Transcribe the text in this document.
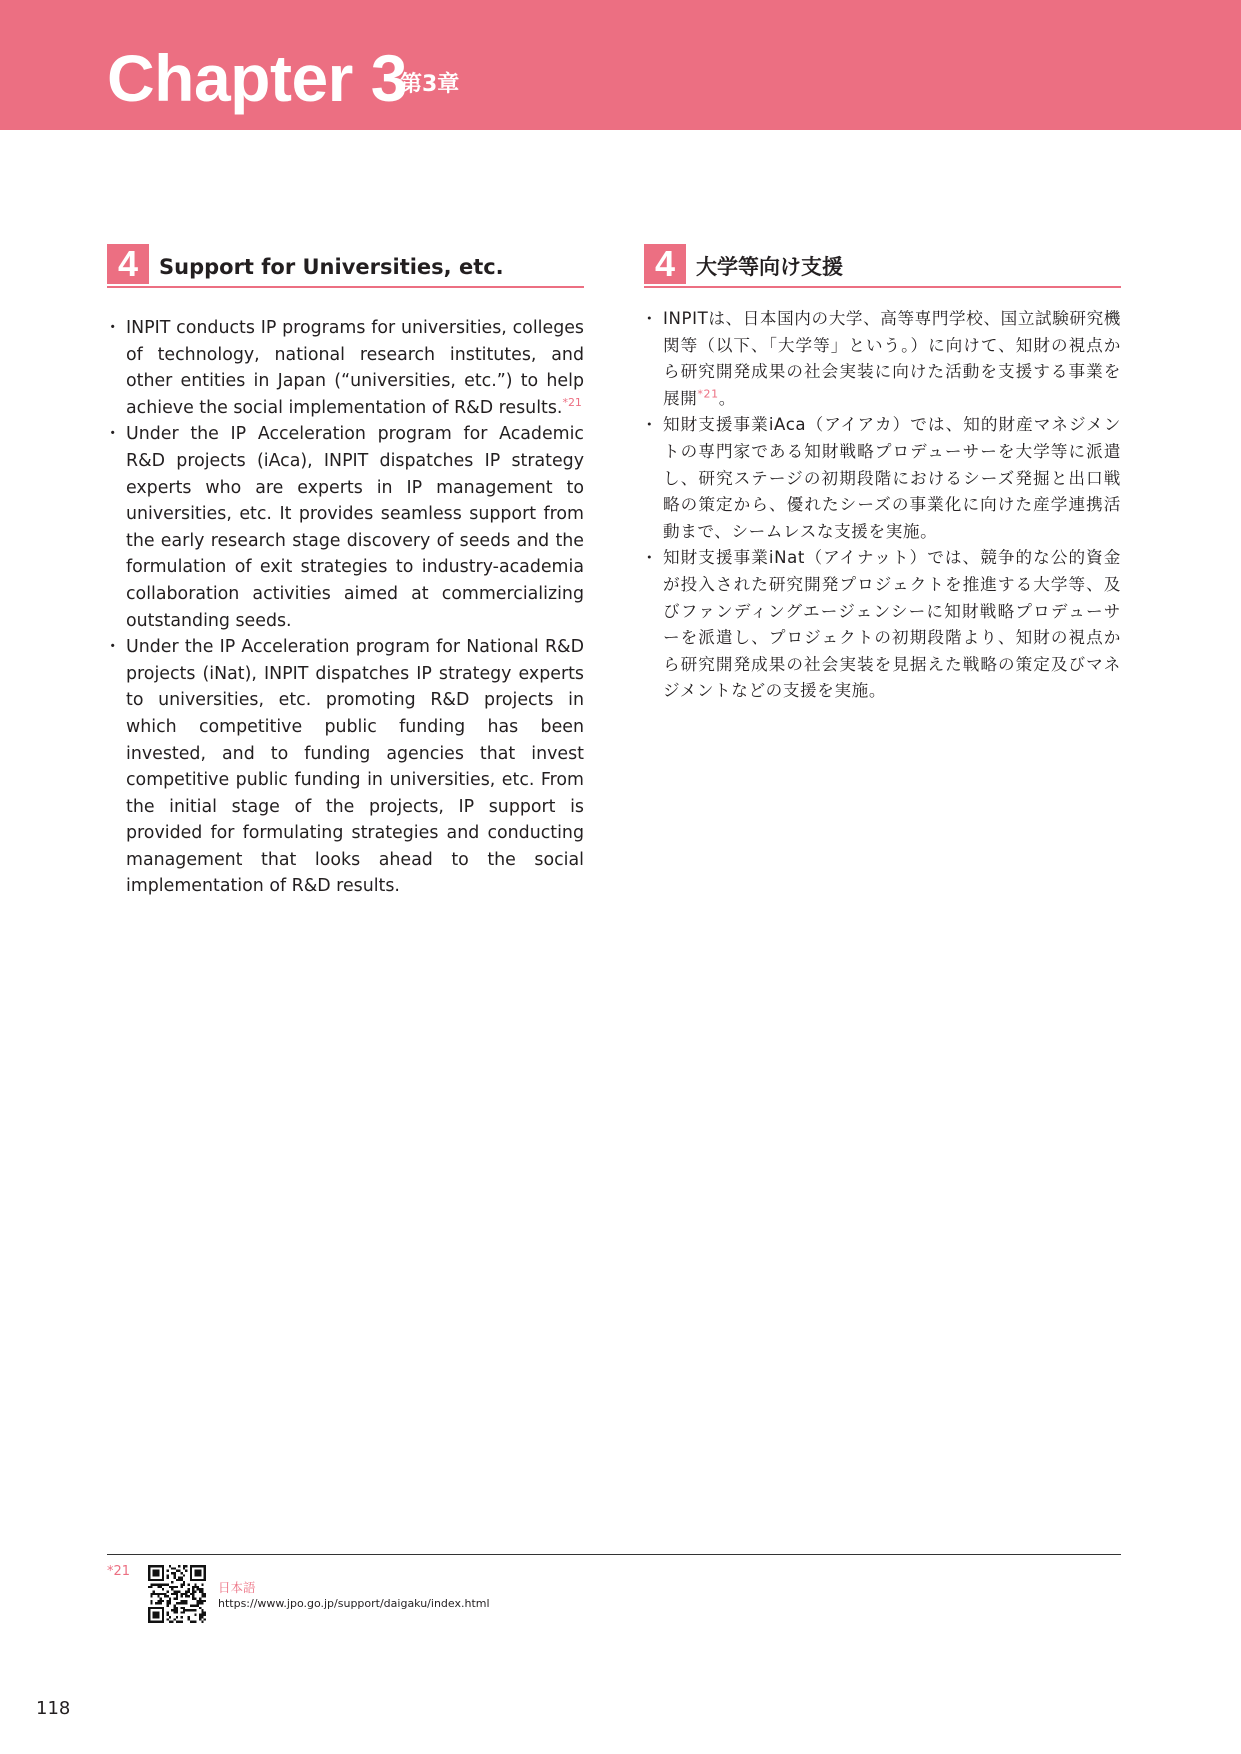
Chapter 3
第3章
4 Support for Universities, etc.
・ INPIT conducts IP programs for universities, colleges of technology, national research institutes, and other entities in Japan (“universities, etc.”) to help achieve the social implementation of R&D results.$^{*21}$
・ Under the IP Acceleration program for Academic R&D projects (iAca), INPIT dispatches IP strategy experts who are experts in IP management to universities, etc. It provides seamless support from the early research stage discovery of seeds and the formulation of exit strategies to industry-academia collaboration activities aimed at commercializing outstanding seeds.
・ Under the IP Acceleration program for National R&D projects (iNat), INPIT dispatches IP strategy experts to universities, etc. promoting R&D projects in which competitive public funding has been invested, and to funding agencies that invest competitive public funding in universities, etc. From the initial stage of the projects, IP support is provided for formulating strategies and conducting management that looks ahead to the social implementation of R&D results.
4 大学等向け支援
・ INPITは、日本国内の大学、高等専門学校、国立試験研究機関等（以下、「大学等」という。）に向けて、知財の視点から研究開発成果の社会実装に向けた活動を支援する事業を展開$^{*21}$。
・ 知財支援事業iAca（アイアカ）では、知的財産マネジメントの専門家である知財戦略プロデューサーを大学等に派遣し、研究ステージの初期段階におけるシーズ発掘と出口戦略の策定から、優れたシーズの事業化に向けた産学連携活動まで、シームレスな支援を実施。
・ 知財支援事業iNat（アイナット）では、競争的な公的資金が投入された研究開発プロジェクトを推進する大学等、及びファンディングエージェンシーに知財戦略プロデューサーを派遣し、プロジェクトの初期段階より、知財の視点から研究開発成果の社会実装を見据えた戦略の策定及びマネジメントなどの支援を実施。
*21
日本語
https://www.jpo.go.jp/support/daigaku/index.html
118
